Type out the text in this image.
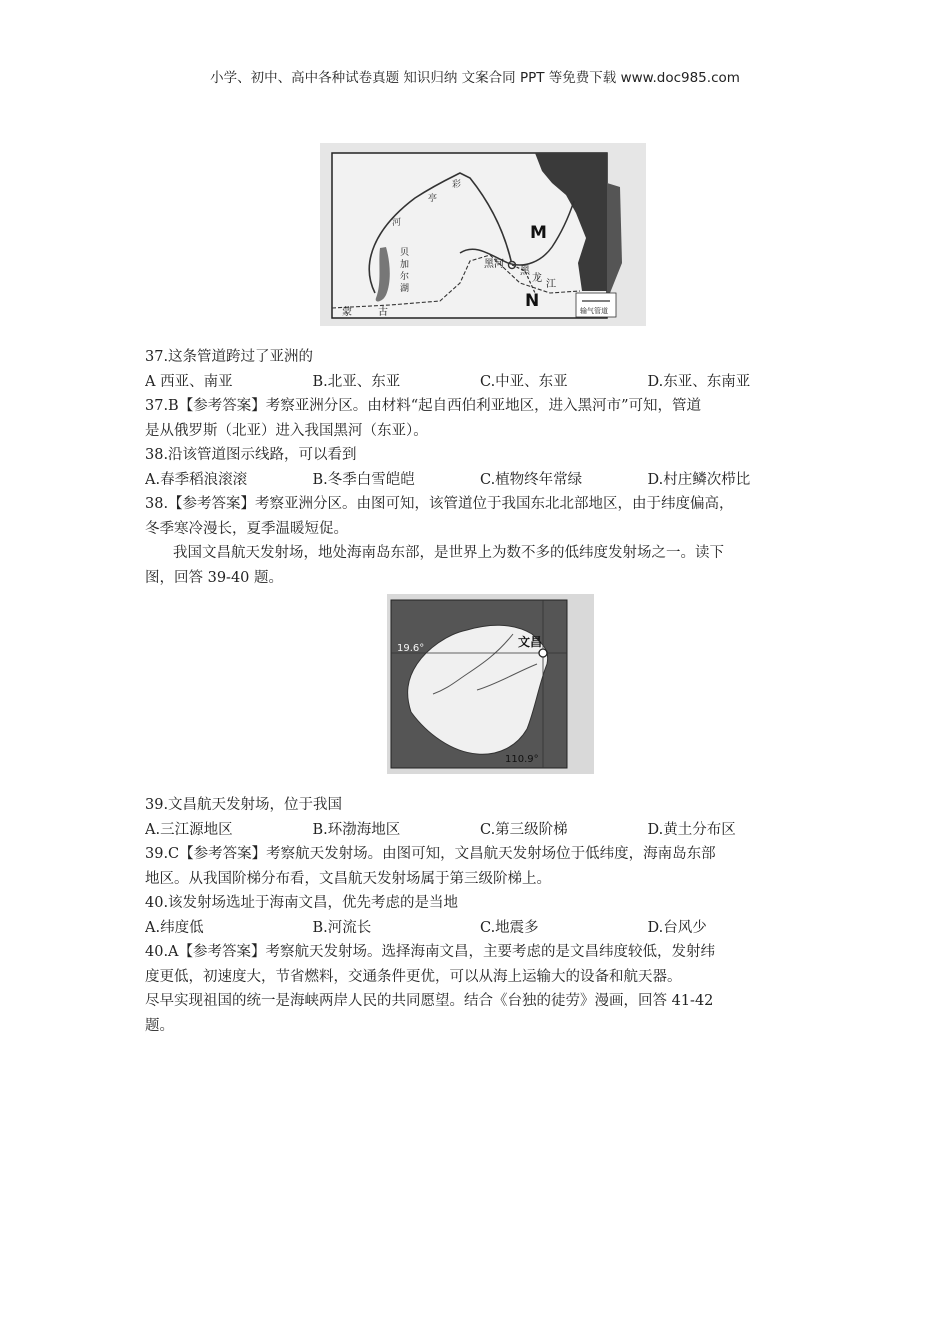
小学、初中、高中各种试卷真题 知识归纳 文案合同 PPT 等免费下载 www.doc985.com
输气管道
M
N
黑河
黑
龙
江
贝
加
尔
湖
蒙	古
河
亭
彩
37.这条管道跨过了亚洲的
A 西亚、南亚	B.北亚、东亚	C.中亚、东亚	D.东亚、东南亚
37.B【参考答案】考察亚洲分区。由材料“起自西伯利亚地区，进入黑河市”可知，管道
是从俄罗斯（北亚）进入我国黑河（东亚）。
38.沿该管道图示线路，可以看到
A.春季稻浪滚滚	B.冬季白雪皑皑	C.植物终年常绿	D.村庄鳞次栉比
38.【参考答案】考察亚洲分区。由图可知，该管道位于我国东北北部地区，由于纬度偏高，
冬季寒冷漫长，夏季温暖短促。
我国文昌航天发射场，地处海南岛东部，是世界上为数不多的低纬度发射场之一。读下
图，回答 39-40 题。
19.6°
110.9°
文昌
39.文昌航天发射场，位于我国
A.三江源地区	B.环渤海地区	C.第三级阶梯	D.黄土分布区
39.C【参考答案】考察航天发射场。由图可知，文昌航天发射场位于低纬度，海南岛东部
地区。从我国阶梯分布看，文昌航天发射场属于第三级阶梯上。
40.该发射场选址于海南文昌，优先考虑的是当地
A.纬度低	B.河流长	C.地震多	D.台风少
40.A【参考答案】考察航天发射场。选择海南文昌，主要考虑的是文昌纬度较低，发射纬
度更低，初速度大，节省燃料，交通条件更优，可以从海上运输大的设备和航天器。
尽早实现祖国的统一是海峡两岸人民的共同愿望。结合《台独的徒劳》漫画，回答 41-42
题。
